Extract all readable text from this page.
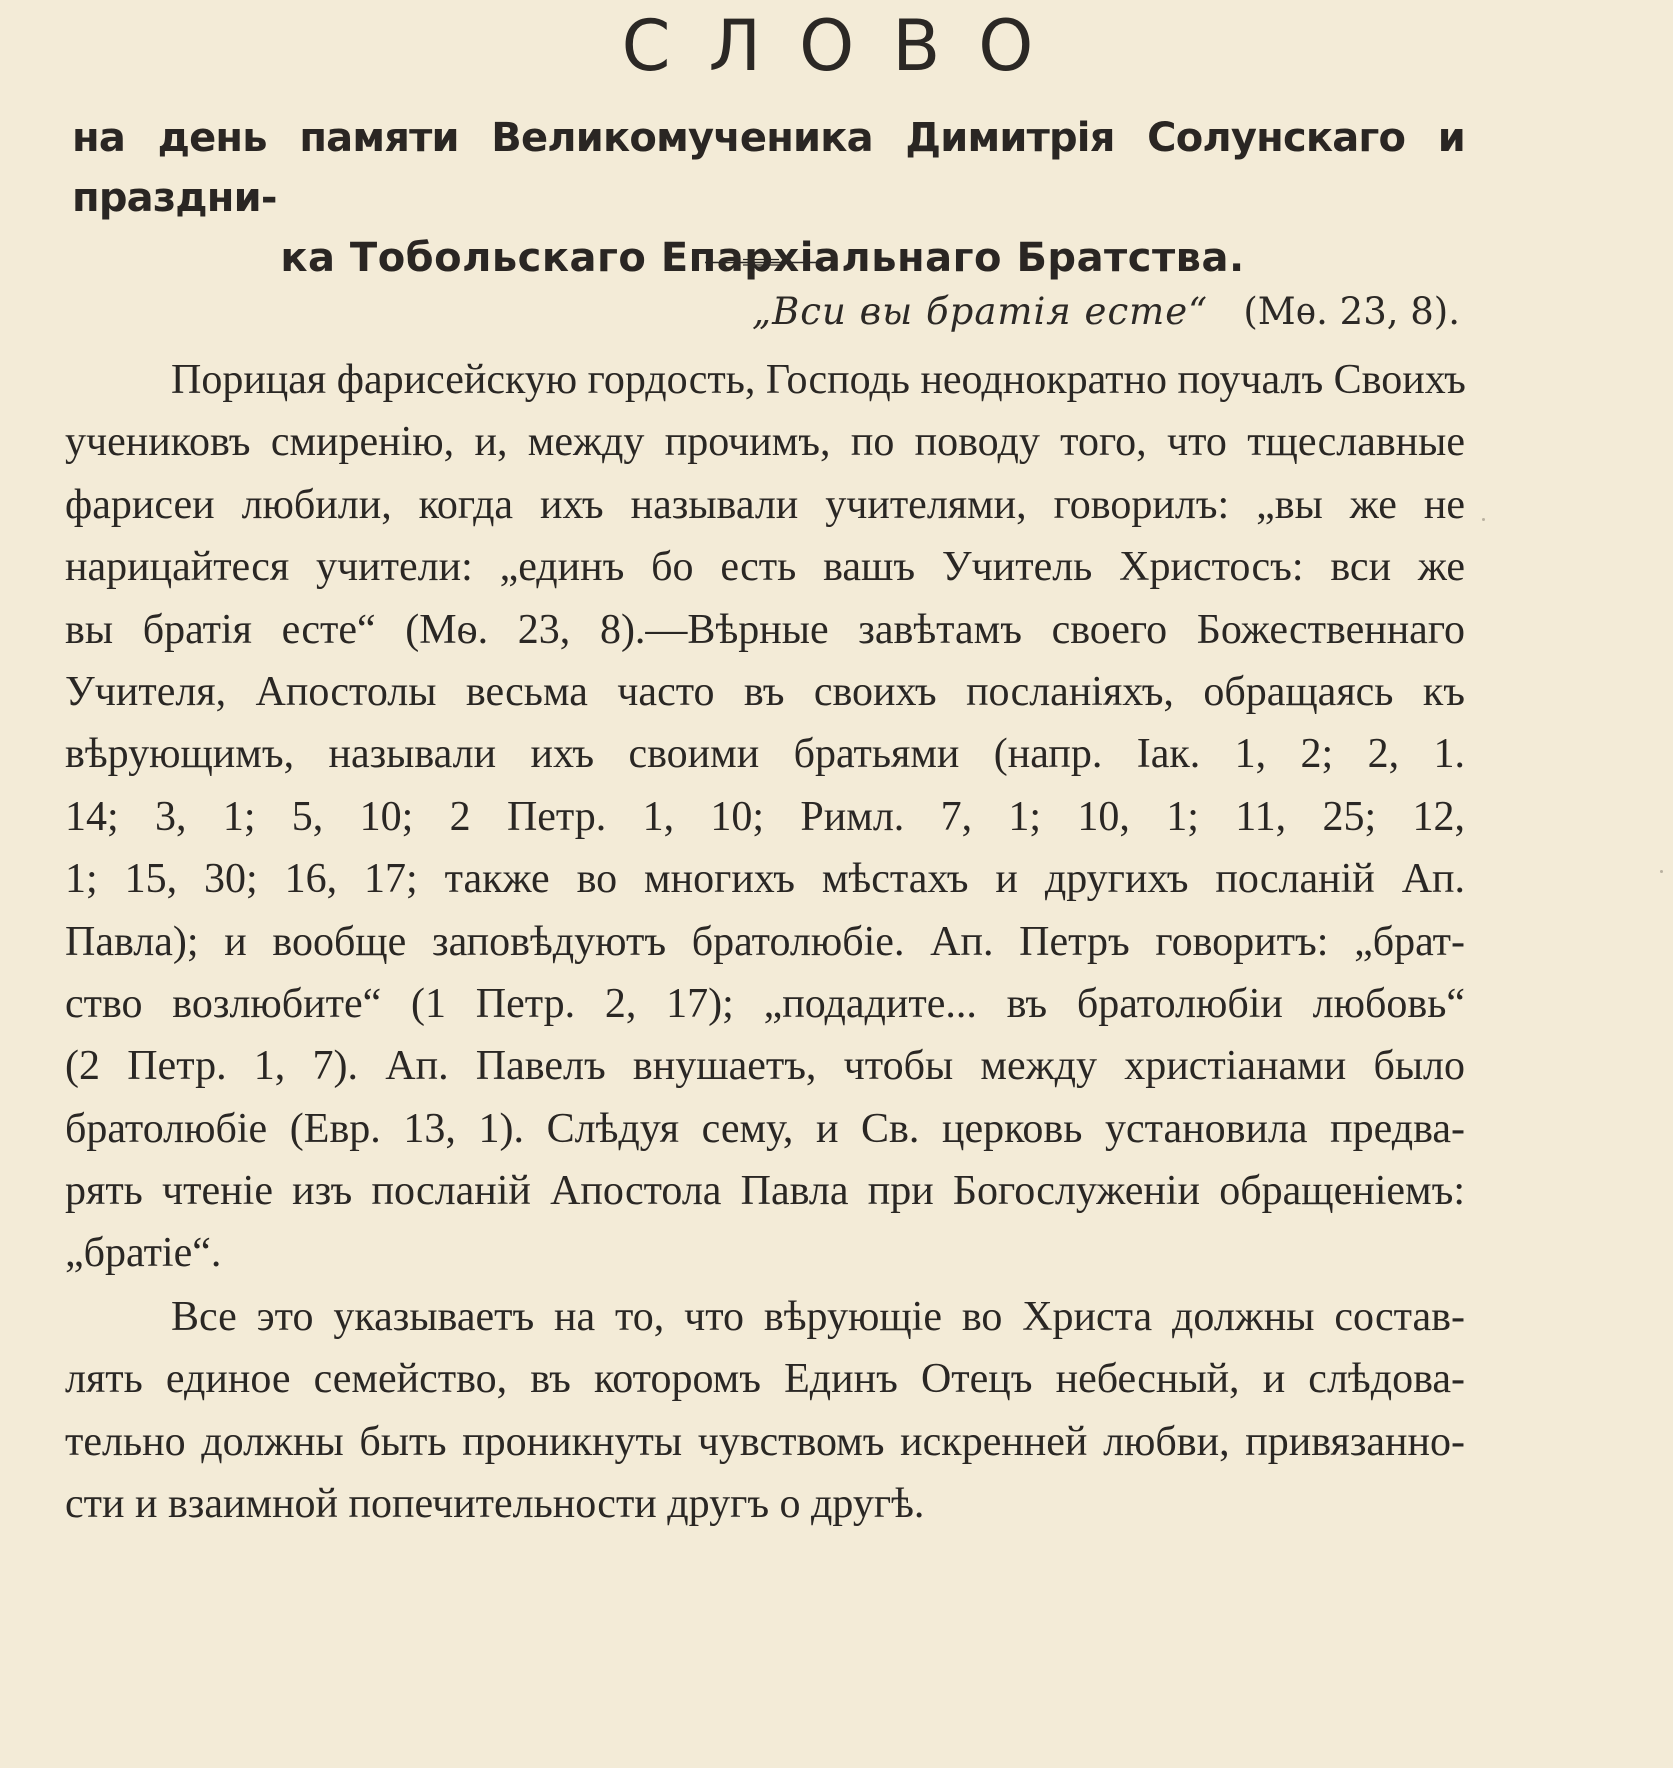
СЛОВО
на день памяти Великомученика Димитрія Солунскаго и праздни-
ка Тобольскаго Епархіальнаго Братства.
„Вси вы братія есте“ (Мѳ. 23, 8).
Порицая фарисейскую гордость, Господь неоднократно поучалъ Своихъ
учениковъ смиренію, и, между прочимъ, по поводу того, что тщеславные
фарисеи любили, когда ихъ называли учителями, говорилъ: „вы же не
нарицайтеся учители: „единъ бо есть вашъ Учитель Христосъ: вси же
вы братія есте“ (Мѳ. 23, 8).—Вѣрные завѣтамъ своего Божественнаго
Учителя, Апостолы весьма часто въ своихъ посланіяхъ, обращаясь къ
вѣрующимъ, называли ихъ своими братьями (напр. Іак. 1, 2; 2, 1.
14; 3, 1; 5, 10; 2 Петр. 1, 10; Римл. 7, 1; 10, 1; 11, 25; 12,
1; 15, 30; 16, 17; также во многихъ мѣстахъ и другихъ посланій Ап.
Павла); и вообще заповѣдуютъ братолюбіе. Ап. Петръ говоритъ: „брат-
ство возлюбите“ (1 Петр. 2, 17); „подадите... въ братолюбіи любовь“
(2 Петр. 1, 7). Ап. Павелъ внушаетъ, чтобы между христіанами было
братолюбіе (Евр. 13, 1). Слѣдуя сему, и Св. церковь установила предва-
рять чтеніе изъ посланій Апостола Павла при Богослуженіи обращеніемъ:
„братіе“.
Все это указываетъ на то, что вѣрующіе во Христа должны состав-
лять единое семейство, въ которомъ Единъ Отецъ небесный, и слѣдова-
тельно должны быть проникнуты чувствомъ искренней любви, привязанно-
сти и взаимной попечительности другъ о другѣ.
